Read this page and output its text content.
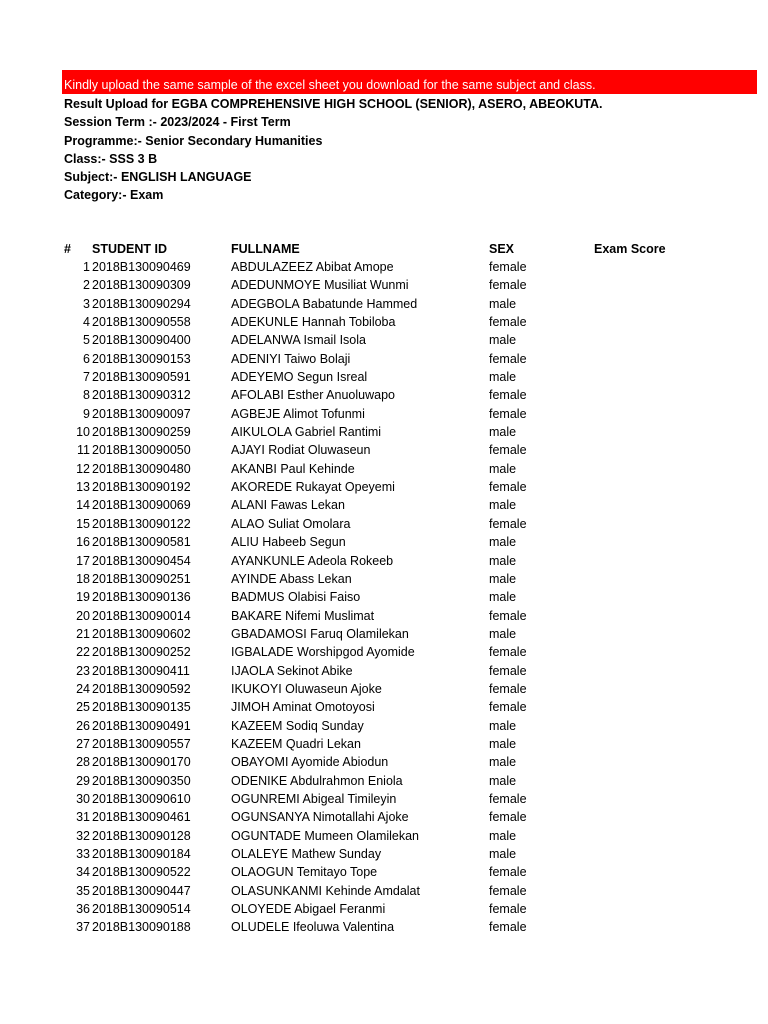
Kindly upload the same sample of the excel sheet you download for the same subject and class.
Result Upload for EGBA COMPREHENSIVE HIGH SCHOOL (SENIOR), ASERO, ABEOKUTA.
Session Term :- 2023/2024 - First Term
Programme:- Senior Secondary Humanities
Class:- SSS 3 B
Subject:- ENGLISH LANGUAGE
Category:- Exam
# STUDENT ID	FULLNAME	SEX	Exam Score
1 2018B130090469	ABDULAZEEZ Abibat Amope	female
2 2018B130090309	ADEDUNMOYE Musiliat Wunmi	female
3 2018B130090294	ADEGBOLA Babatunde Hammed	male
4 2018B130090558	ADEKUNLE Hannah Tobiloba	female
5 2018B130090400	ADELANWA Ismail Isola	male
6 2018B130090153	ADENIYI Taiwo Bolaji	female
7 2018B130090591	ADEYEMO Segun Isreal	male
8 2018B130090312	AFOLABI Esther Anuoluwapo	female
9 2018B130090097	AGBEJE Alimot Tofunmi	female
10 2018B130090259	AIKULOLA Gabriel Rantimi	male
11 2018B130090050	AJAYI Rodiat Oluwaseun	female
12 2018B130090480	AKANBI Paul Kehinde	male
13 2018B130090192	AKOREDE Rukayat Opeyemi	female
14 2018B130090069	ALANI Fawas Lekan	male
15 2018B130090122	ALAO Suliat Omolara	female
16 2018B130090581	ALIU Habeeb Segun	male
17 2018B130090454	AYANKUNLE Adeola Rokeeb	male
18 2018B130090251	AYINDE Abass Lekan	male
19 2018B130090136	BADMUS Olabisi Faiso	male
20 2018B130090014	BAKARE Nifemi Muslimat	female
21 2018B130090602	GBADAMOSI Faruq Olamilekan	male
22 2018B130090252	IGBALADE Worshipgod Ayomide	female
23 2018B130090411	IJAOLA Sekinot Abike	female
24 2018B130090592	IKUKOYI Oluwaseun Ajoke	female
25 2018B130090135	JIMOH Aminat Omotoyosi	female
26 2018B130090491	KAZEEM Sodiq Sunday	male
27 2018B130090557	KAZEEM Quadri Lekan	male
28 2018B130090170	OBAYOMI Ayomide Abiodun	male
29 2018B130090350	ODENIKE Abdulrahmon Eniola	male
30 2018B130090610	OGUNREMI Abigeal Timileyin	female
31 2018B130090461	OGUNSANYA Nimotallahi Ajoke	female
32 2018B130090128	OGUNTADE Mumeen Olamilekan	male
33 2018B130090184	OLALEYE Mathew Sunday	male
34 2018B130090522	OLAOGUN Temitayo Tope	female
35 2018B130090447	OLASUNKANMI Kehinde Amdalat	female
36 2018B130090514	OLOYEDE Abigael Feranmi	female
37 2018B130090188	OLUDELE Ifeoluwa Valentina	female
